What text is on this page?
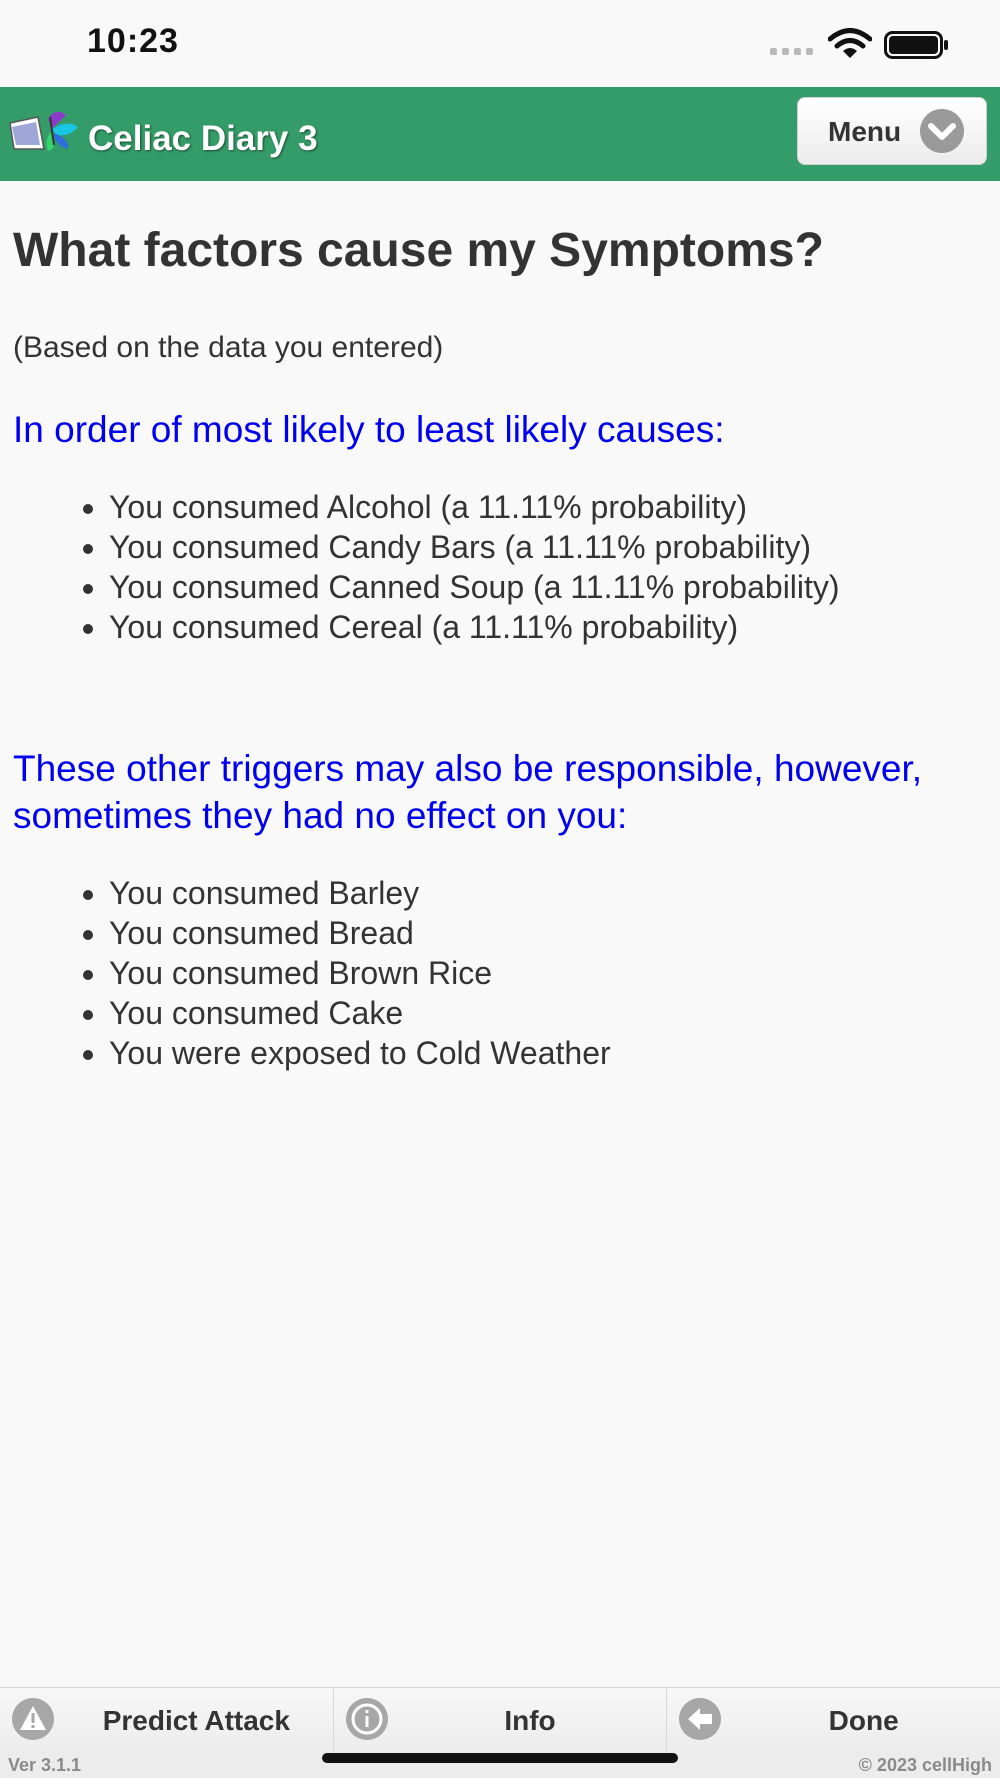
10:23
Celiac Diary 3	Menu
What factors cause my Symptoms?

(Based on the data you entered)

In order of most likely to least likely causes:
• You consumed Alcohol (a 11.11% probability)
• You consumed Candy Bars (a 11.11% probability)
• You consumed Canned Soup (a 11.11% probability)
• You consumed Cereal (a 11.11% probability)
These other triggers may also be responsible, however, sometimes they had no effect on you:
• You consumed Barley
• You consumed Bread
• You consumed Brown Rice
• You consumed Cake
• You were exposed to Cold Weather
Predict Attack	Info	Done
Ver 3.1.1	© 2023 cellHigh
